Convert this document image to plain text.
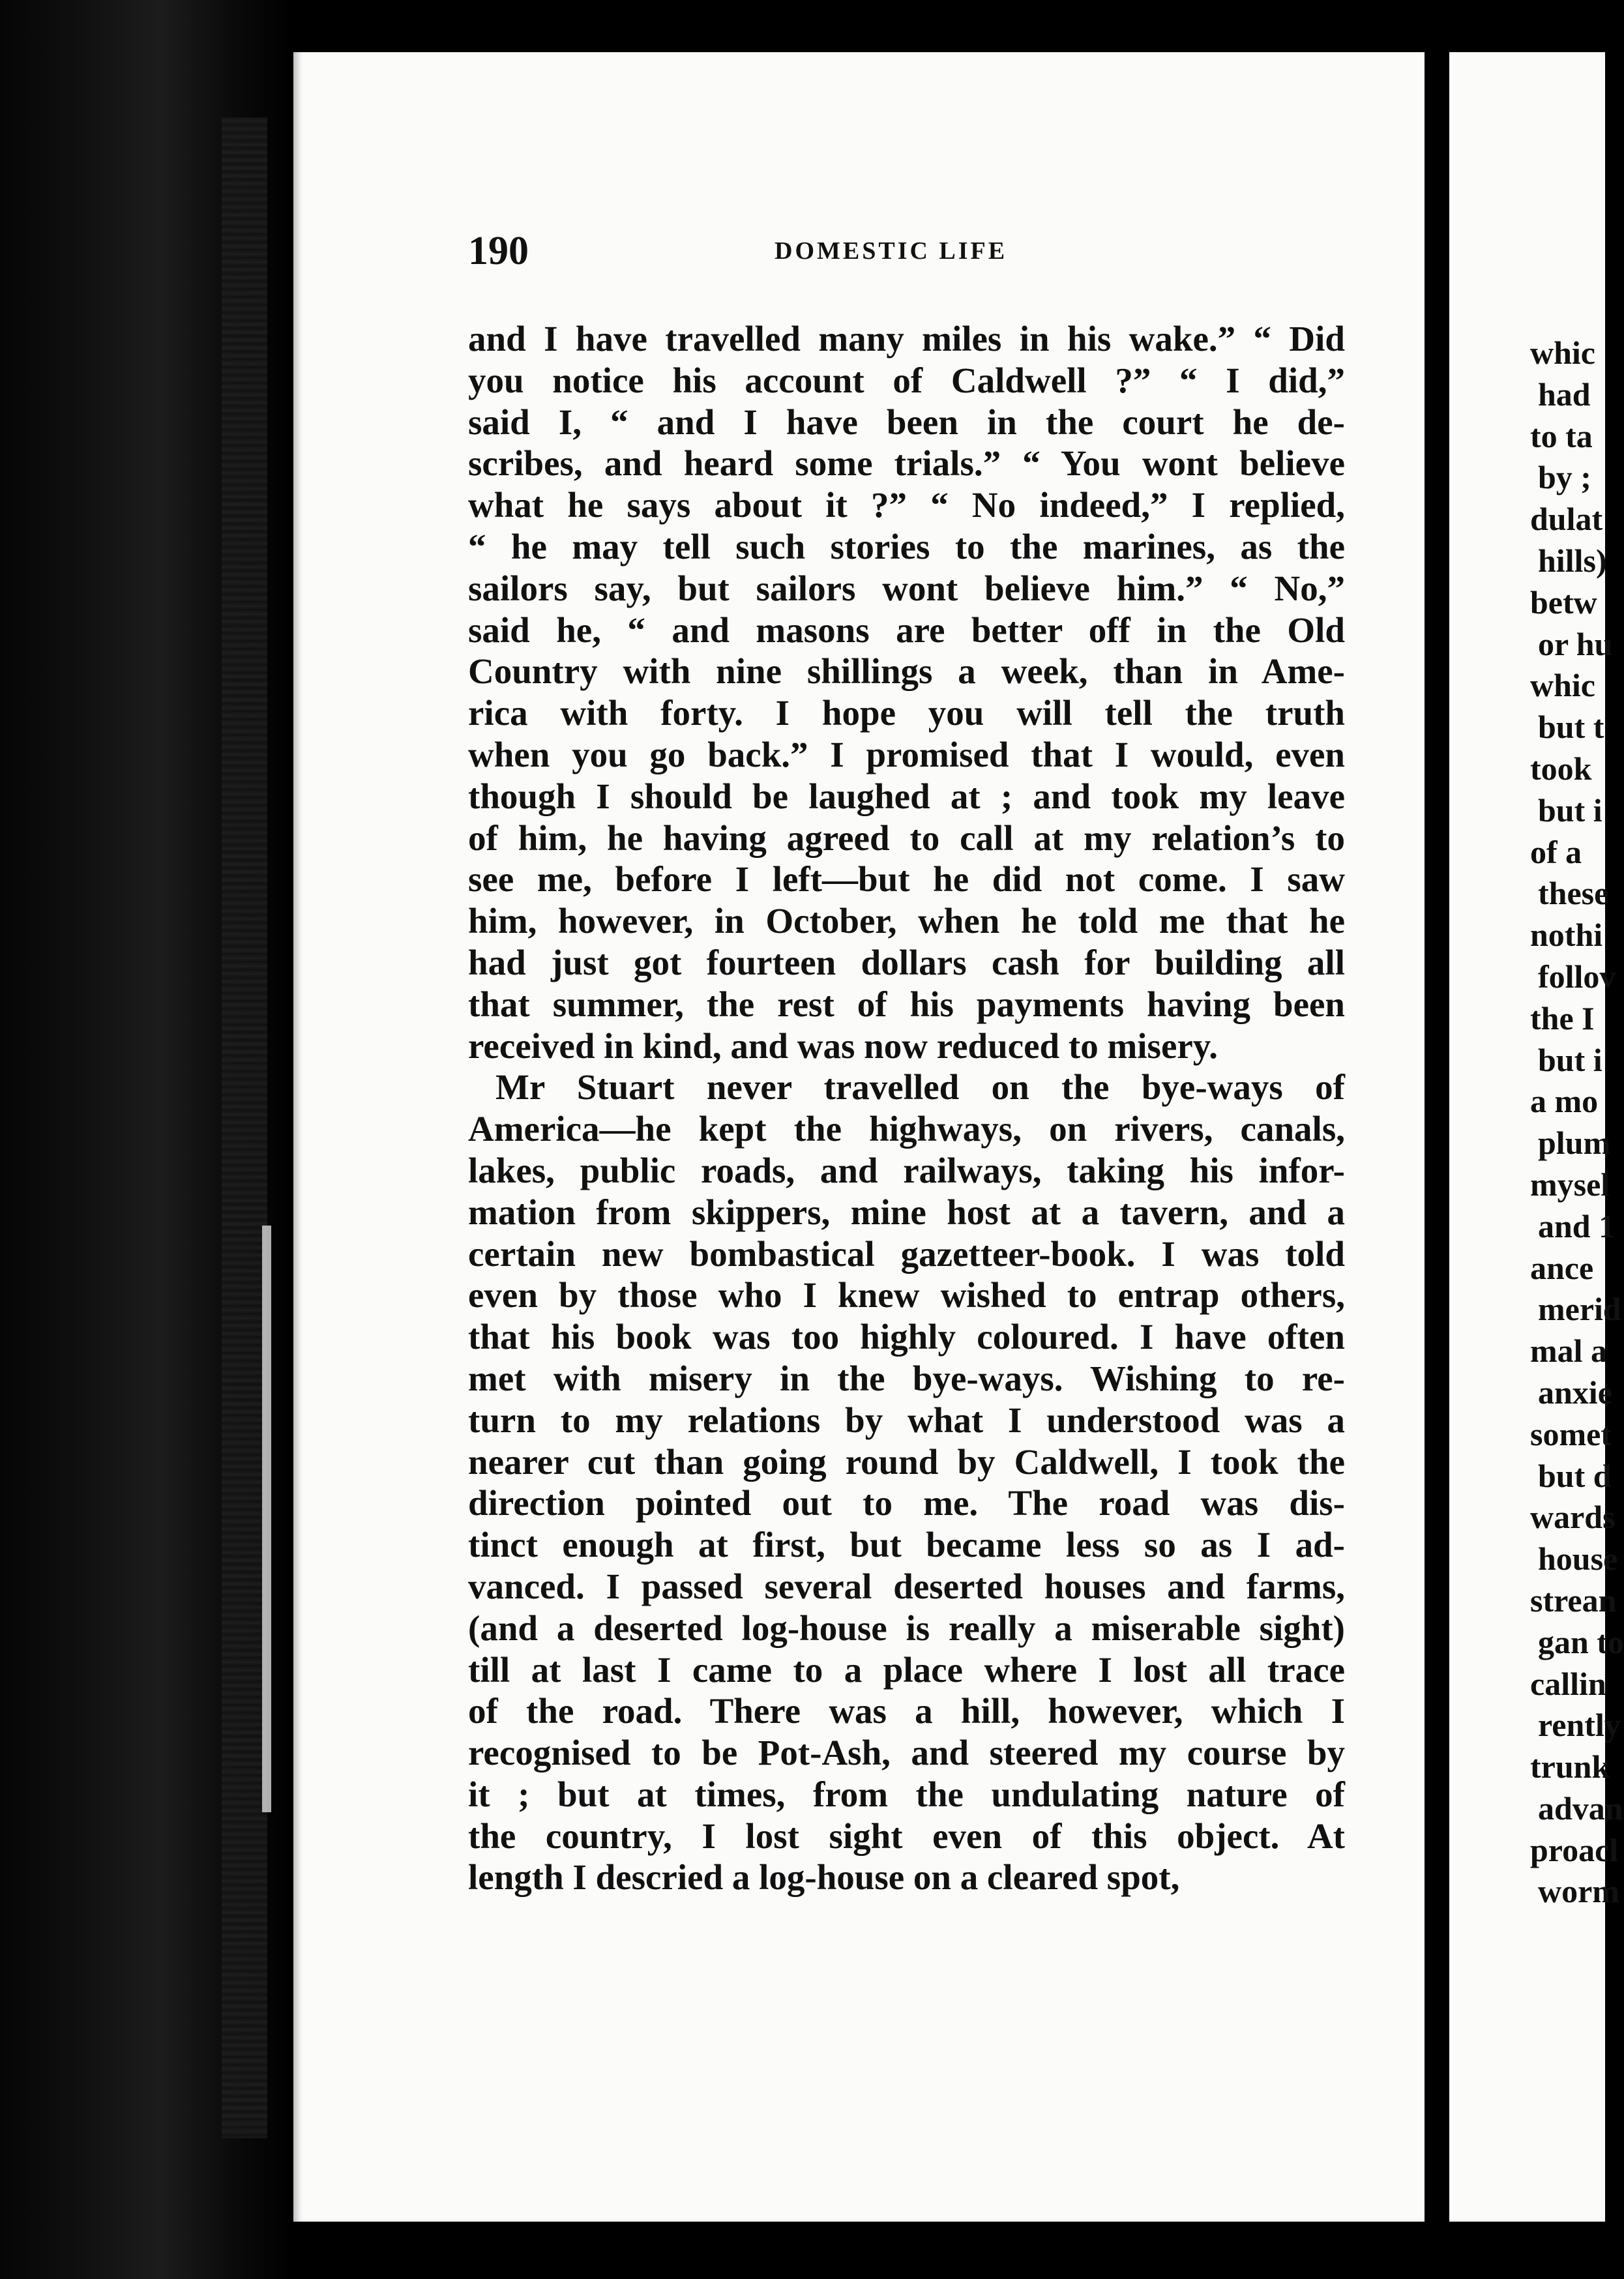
whic
had
to ta
by ;
dulat
hills)
betw
or hu
whic
but t
took
but i
of a
these
nothi
follov
the I
but i
a mo
plum
mysel
and 1
ance
merid
mal a
anxie
somet
but d
wards
house
strean
gan to
callin
rently
trunk
advan
proacl
worm
190	DOMESTIC LIFE
and I have travelled many miles in his wake.” “ Did
you notice his account of Caldwell ?” “ I did,”
said I, “ and I have been in the court he de-
scribes, and heard some trials.” “ You wont believe
what he says about it ?” “ No indeed,” I replied,
“ he may tell such stories to the marines, as the
sailors say, but sailors wont believe him.” “ No,”
said he, “ and masons are better off in the Old
Country with nine shillings a week, than in Ame-
rica with forty. I hope you will tell the truth
when you go back.” I promised that I would, even
though I should be laughed at ; and took my leave
of him, he having agreed to call at my relation’s to
see me, before I left—but he did not come. I saw
him, however, in October, when he told me that he
had just got fourteen dollars cash for building all
that summer, the rest of his payments having been
received in kind, and was now reduced to misery.
Mr Stuart never travelled on the bye-ways of
America—he kept the highways, on rivers, canals,
lakes, public roads, and railways, taking his infor-
mation from skippers, mine host at a tavern, and a
certain new bombastical gazetteer-book. I was told
even by those who I knew wished to entrap others,
that his book was too highly coloured. I have often
met with misery in the bye-ways. Wishing to re-
turn to my relations by what I understood was a
nearer cut than going round by Caldwell, I took the
direction pointed out to me. The road was dis-
tinct enough at first, but became less so as I ad-
vanced. I passed several deserted houses and farms,
(and a deserted log-house is really a miserable sight)
till at last I came to a place where I lost all trace
of the road. There was a hill, however, which I
recognised to be Pot-Ash, and steered my course by
it ; but at times, from the undulating nature of
the country, I lost sight even of this object. At
length I descried a log-house on a cleared spot,
